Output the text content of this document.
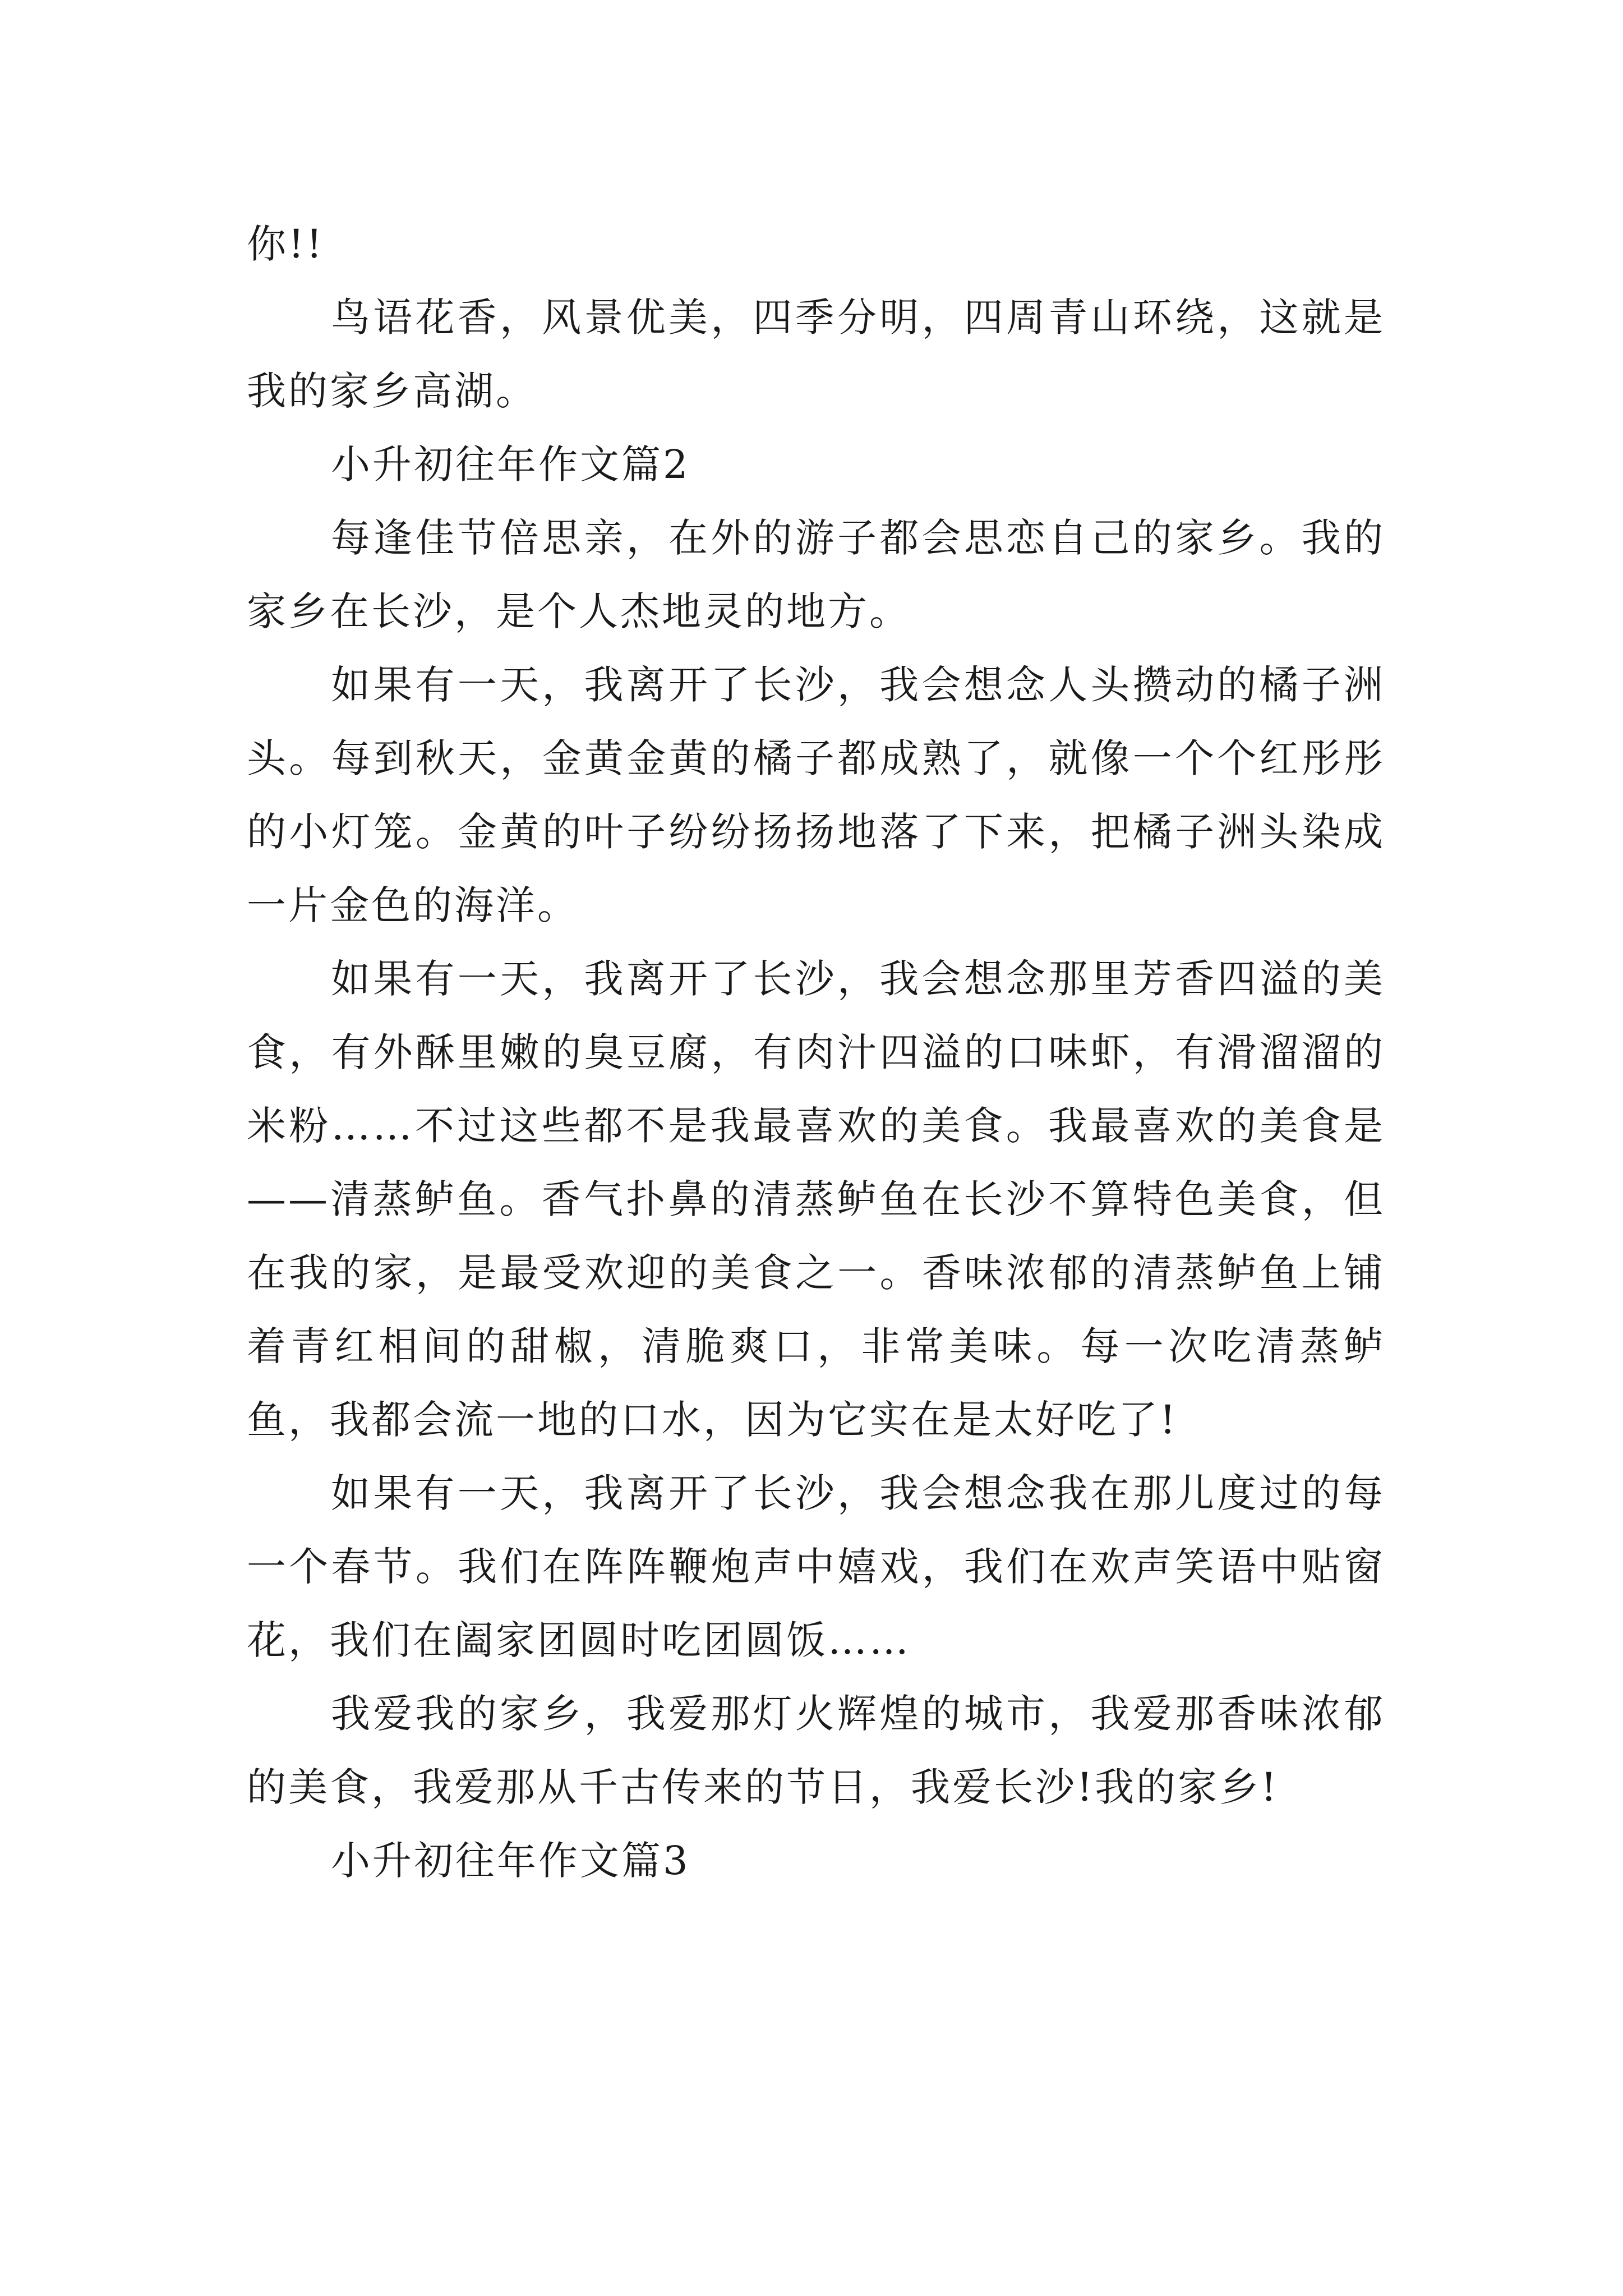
你!!

鸟语花香，风景优美，四季分明，四周青山环绕，这就是我的家乡高湖。

小升初往年作文篇2

每逢佳节倍思亲，在外的游子都会思恋自己的家乡。我的家乡在长沙，是个人杰地灵的地方。

如果有一天，我离开了长沙，我会想念人头攒动的橘子洲头。每到秋天，金黄金黄的橘子都成熟了，就像一个个红彤彤的小灯笼。金黄的叶子纷纷扬扬地落了下来，把橘子洲头染成一片金色的海洋。

如果有一天，我离开了长沙，我会想念那里芳香四溢的美食，有外酥里嫩的臭豆腐，有肉汁四溢的口味虾，有滑溜溜的米粉……不过这些都不是我最喜欢的美食。我最喜欢的美食是——清蒸鲈鱼。香气扑鼻的清蒸鲈鱼在长沙不算特色美食，但在我的家，是最受欢迎的美食之一。香味浓郁的清蒸鲈鱼上铺着青红相间的甜椒，清脆爽口，非常美味。每一次吃清蒸鲈鱼，我都会流一地的口水，因为它实在是太好吃了!

如果有一天，我离开了长沙，我会想念我在那儿度过的每一个春节。我们在阵阵鞭炮声中嬉戏，我们在欢声笑语中贴窗花，我们在阖家团圆时吃团圆饭……

我爱我的家乡，我爱那灯火辉煌的城市，我爱那香味浓郁的美食，我爱那从千古传来的节日，我爱长沙!我的家乡!

小升初往年作文篇3
